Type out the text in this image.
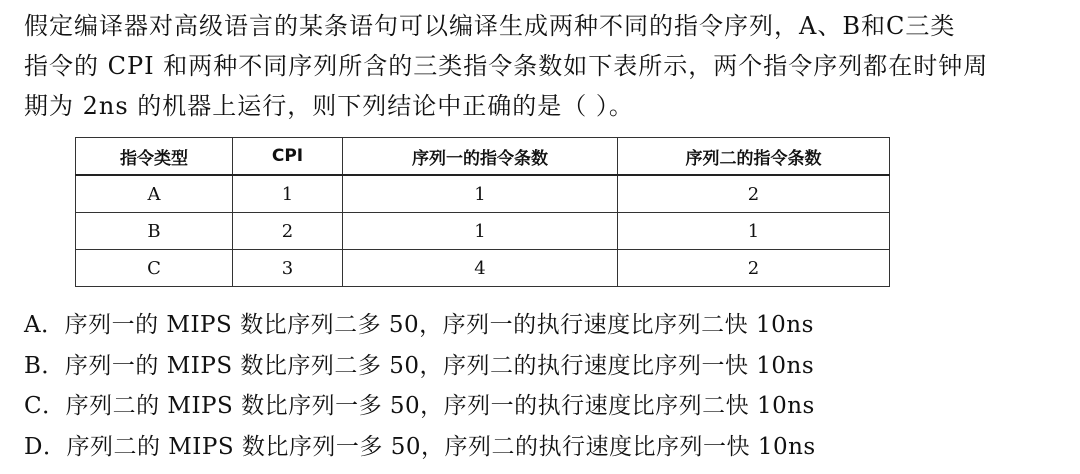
假定编译器对高级语言的某条语句可以编译生成两种不同的指令序列，A、B和C三类
指令的 CPI 和两种不同序列所含的三类指令条数如下表所示，两个指令序列都在时钟周
期为 2ns 的机器上运行，则下列结论中正确的是（ ）。

指令类型	CPI	序列一的指令条数	序列二的指令条数
A	1	1	2
B	2	1	1
C	3	4	2
A．序列一的 MIPS 数比序列二多 50，序列一的执行速度比序列二快 10ns
B．序列一的 MIPS 数比序列二多 50，序列二的执行速度比序列一快 10ns
C．序列二的 MIPS 数比序列一多 50，序列一的执行速度比序列二快 10ns
D．序列二的 MIPS 数比序列一多 50，序列二的执行速度比序列一快 10ns
